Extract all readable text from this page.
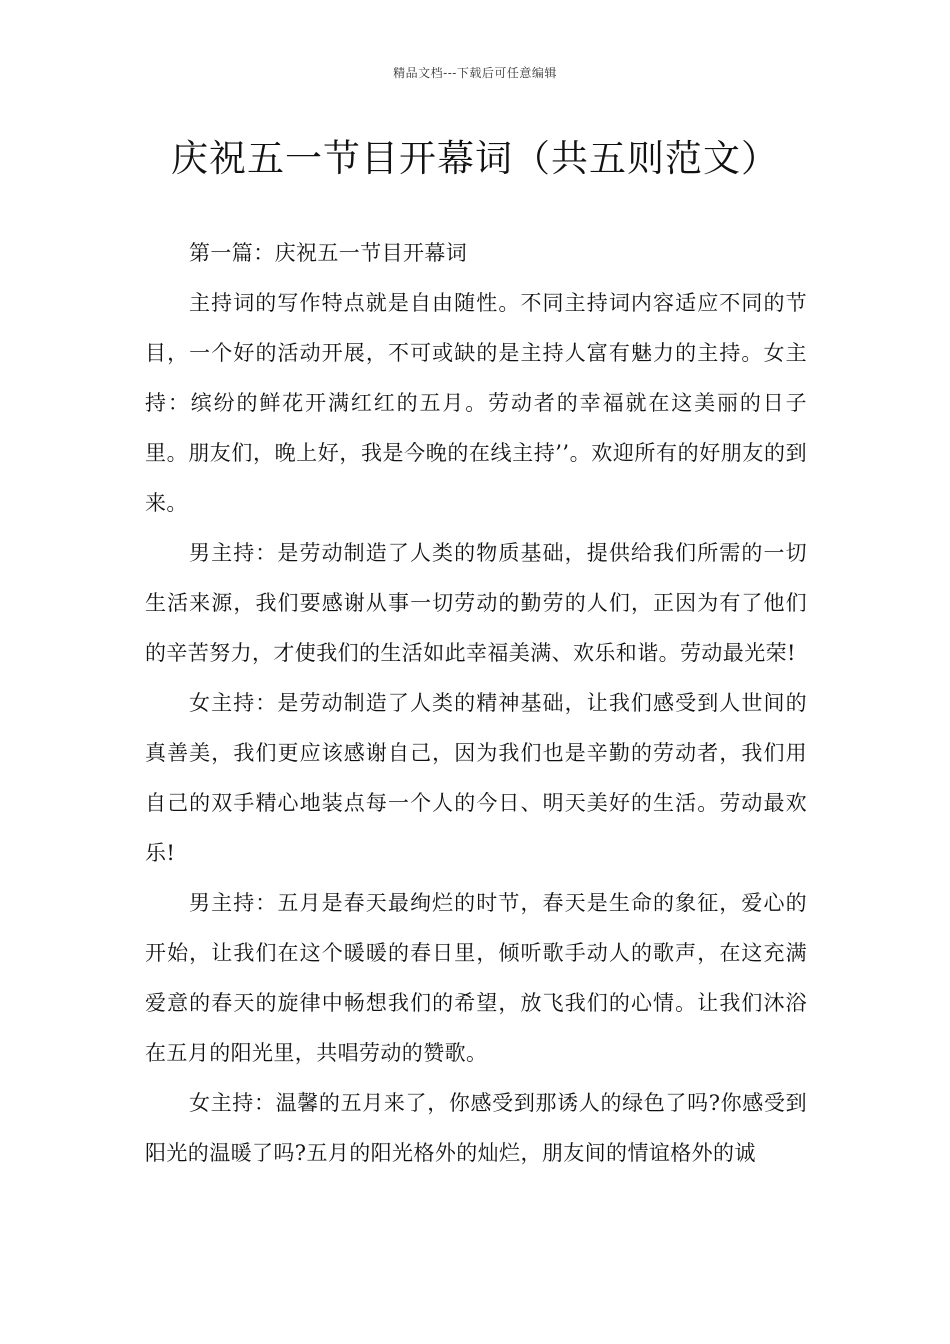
精品文档---下载后可任意编辑
庆祝五一节目开幕词（共五则范文）

第一篇：庆祝五一节目开幕词

主持词的写作特点就是自由随性。不同主持词内容适应不同的节目，一个好的活动开展，不可或缺的是主持人富有魅力的主持。女主持：缤纷的鲜花开满红红的五月。劳动者的幸福就在这美丽的日子里。朋友们，晚上好，我是今晚的在线主持’’。欢迎所有的好朋友的到来。

男主持：是劳动制造了人类的物质基础，提供给我们所需的一切生活来源，我们要感谢从事一切劳动的勤劳的人们，正因为有了他们的辛苦努力，才使我们的生活如此幸福美满、欢乐和谐。劳动最光荣!

女主持：是劳动制造了人类的精神基础，让我们感受到人世间的真善美，我们更应该感谢自己，因为我们也是辛勤的劳动者，我们用自己的双手精心地装点每一个人的今日、明天美好的生活。劳动最欢乐!

男主持：五月是春天最绚烂的时节，春天是生命的象征，爱心的开始，让我们在这个暖暖的春日里，倾听歌手动人的歌声，在这充满爱意的春天的旋律中畅想我们的希望，放飞我们的心情。让我们沐浴在五月的阳光里，共唱劳动的赞歌。

女主持：温馨的五月来了，你感受到那诱人的绿色了吗?你感受到阳光的温暖了吗?五月的阳光格外的灿烂，朋友间的情谊格外的诚
